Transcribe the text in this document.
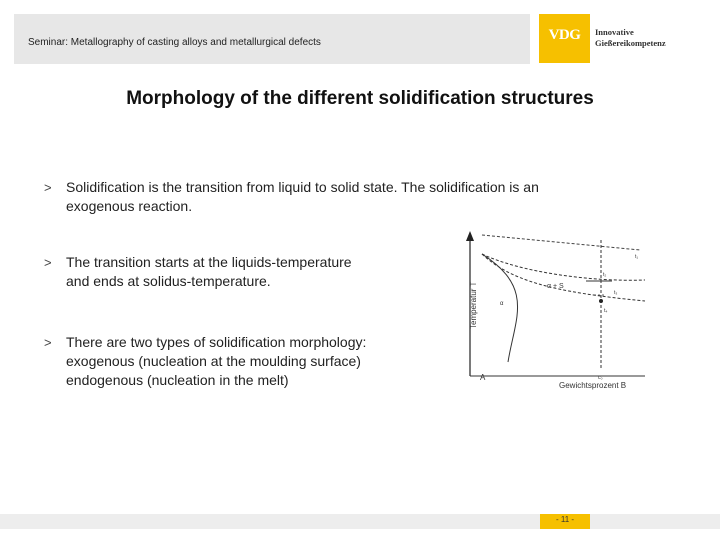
Seminar: Metallography of casting alloys and metallurgical defects	VDG	Innovative
Gießereikompetenz
Morphology of the different solidification structures
> Solidification is the transition from liquid to solid state. The solidification is an
exogenous reaction.
> The transition starts at the liquids-temperature
and ends at solidus-temperature.
> There are two types of solidification morphology:
exogenous (nucleation at the moulding surface)
endogenous (nucleation in the melt)
Temperatur T
Gewichtsprozent B
A	c₀
α + S
α
t₁
t₂
t₃
t₄
- 11 -
